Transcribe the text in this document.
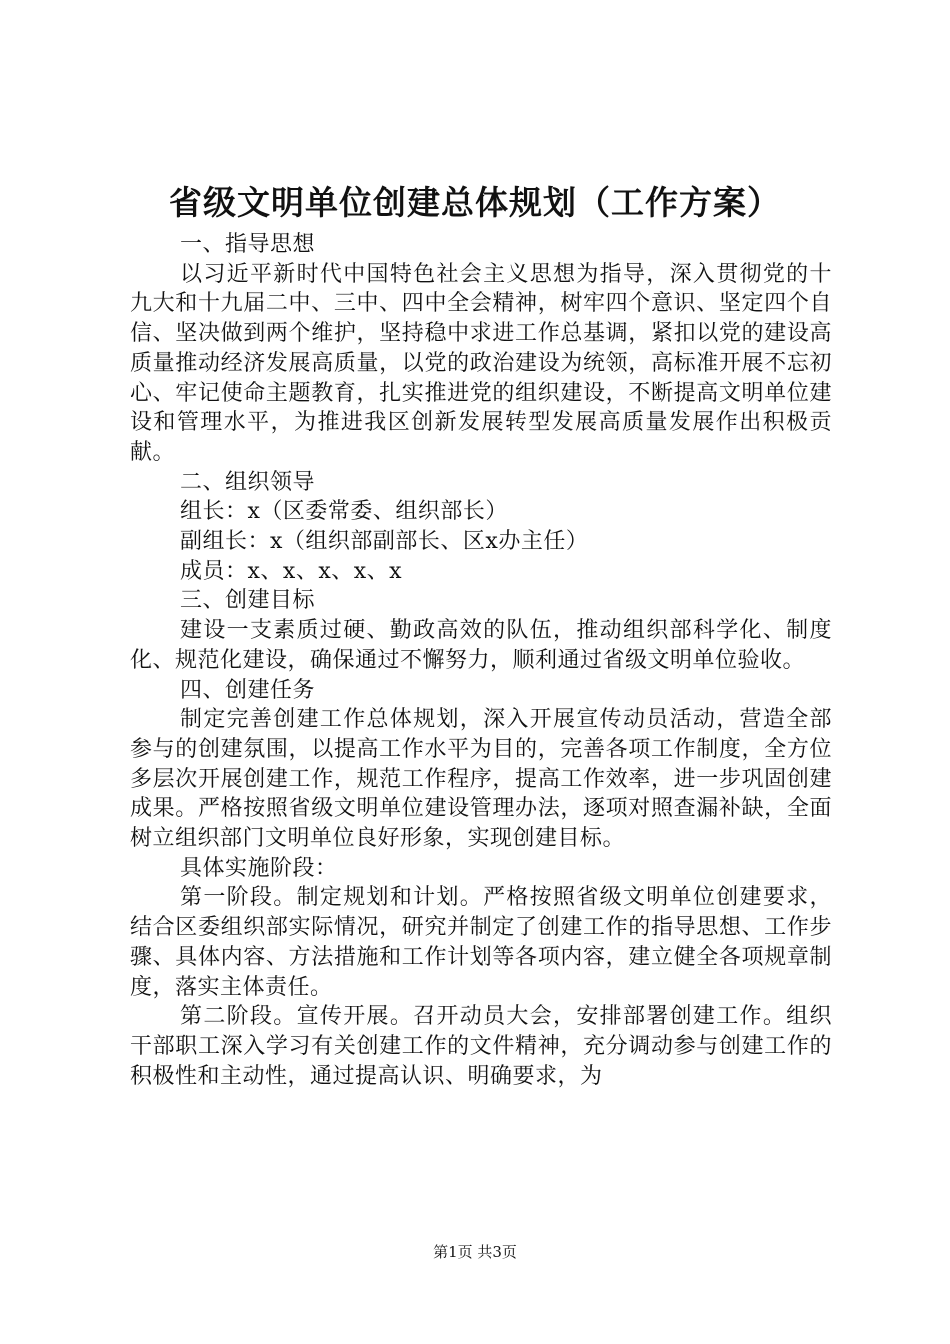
省级文明单位创建总体规划（工作方案）

一、指导思想

以习近平新时代中国特色社会主义思想为指导，深入贯彻党的十九大和十九届二中、三中、四中全会精神，树牢四个意识、坚定四个自信、坚决做到两个维护，坚持稳中求进工作总基调，紧扣以党的建设高质量推动经济发展高质量，以党的政治建设为统领，高标准开展不忘初心、牢记使命主题教育，扎实推进党的组织建设，不断提高文明单位建设和管理水平，为推进我区创新发展转型发展高质量发展作出积极贡献。

二、组织领导

组长：x（区委常委、组织部长）

副组长：x（组织部副部长、区x办主任）

成员：x、x、x、x、x

三、创建目标

建设一支素质过硬、勤政高效的队伍，推动组织部科学化、制度化、规范化建设，确保通过不懈努力，顺利通过省级文明单位验收。

四、创建任务

制定完善创建工作总体规划，深入开展宣传动员活动，营造全部参与的创建氛围，以提高工作水平为目的，完善各项工作制度，全方位多层次开展创建工作，规范工作程序，提高工作效率，进一步巩固创建成果。严格按照省级文明单位建设管理办法，逐项对照查漏补缺，全面树立组织部门文明单位良好形象，实现创建目标。

具体实施阶段：

第一阶段。制定规划和计划。严格按照省级文明单位创建要求，结合区委组织部实际情况，研究并制定了创建工作的指导思想、工作步骤、具体内容、方法措施和工作计划等各项内容，建立健全各项规章制度，落实主体责任。

第二阶段。宣传开展。召开动员大会，安排部署创建工作。组织干部职工深入学习有关创建工作的文件精神，充分调动参与创建工作的积极性和主动性，通过提高认识、明确要求，为

第1页 共3页
